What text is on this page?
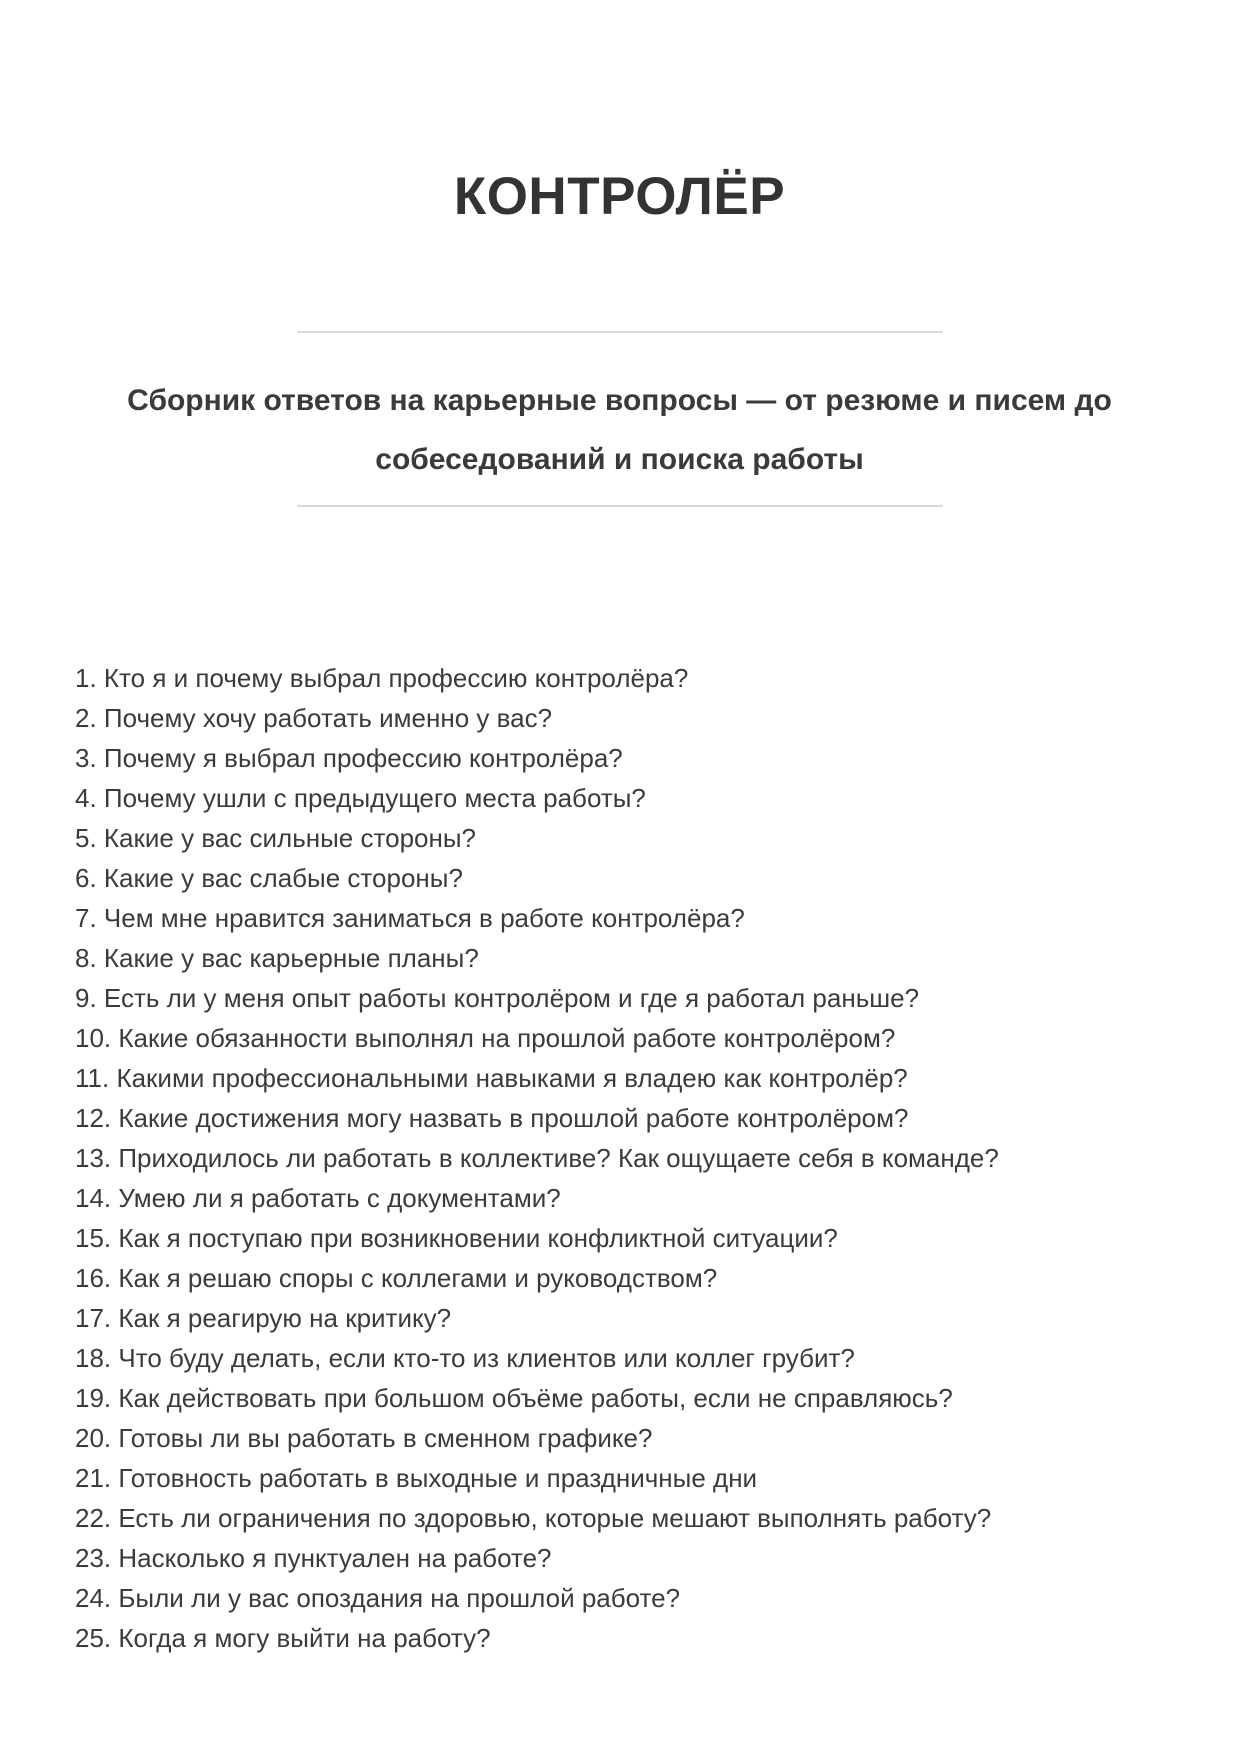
КОНТРОЛЁР
Сборник ответов на карьерные вопросы — от резюме и писем до
собеседований и поиска работы
1. Кто я и почему выбрал профессию контролёра?
2. Почему хочу работать именно у вас?
3. Почему я выбрал профессию контролёра?
4. Почему ушли с предыдущего места работы?
5. Какие у вас сильные стороны?
6. Какие у вас слабые стороны?
7. Чем мне нравится заниматься в работе контролёра?
8. Какие у вас карьерные планы?
9. Есть ли у меня опыт работы контролёром и где я работал раньше?
10. Какие обязанности выполнял на прошлой работе контролёром?
11. Какими профессиональными навыками я владею как контролёр?
12. Какие достижения могу назвать в прошлой работе контролёром?
13. Приходилось ли работать в коллективе? Как ощущаете себя в команде?
14. Умею ли я работать с документами?
15. Как я поступаю при возникновении конфликтной ситуации?
16. Как я решаю споры с коллегами и руководством?
17. Как я реагирую на критику?
18. Что буду делать, если кто-то из клиентов или коллег грубит?
19. Как действовать при большом объёме работы, если не справляюсь?
20. Готовы ли вы работать в сменном графике?
21. Готовность работать в выходные и праздничные дни
22. Есть ли ограничения по здоровью, которые мешают выполнять работу?
23. Насколько я пунктуален на работе?
24. Были ли у вас опоздания на прошлой работе?
25. Когда я могу выйти на работу?
